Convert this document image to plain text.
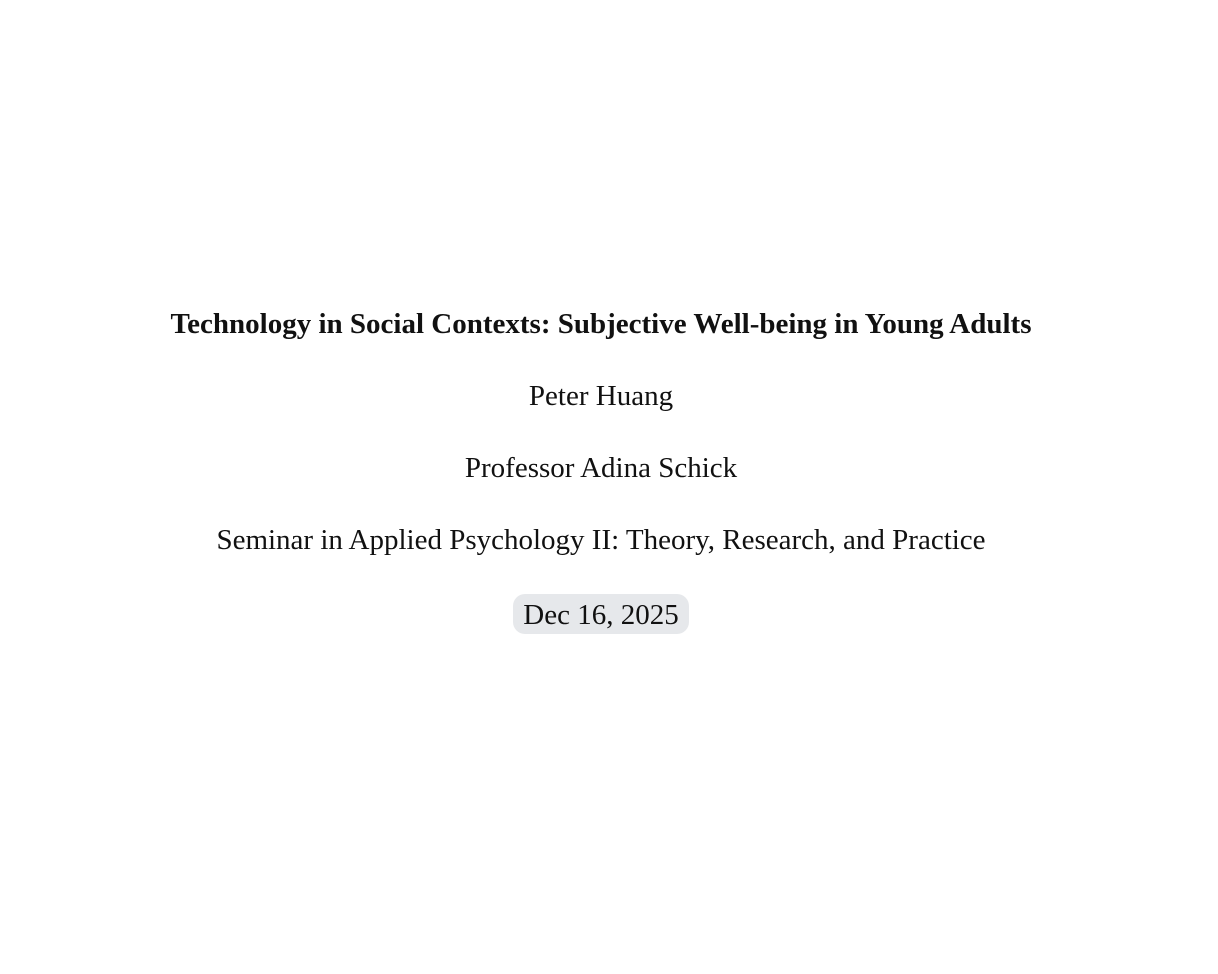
Technology in Social Contexts: Subjective Well-being in Young Adults
Peter Huang
Professor Adina Schick
Seminar in Applied Psychology II: Theory, Research, and Practice
Dec 16, 2025
